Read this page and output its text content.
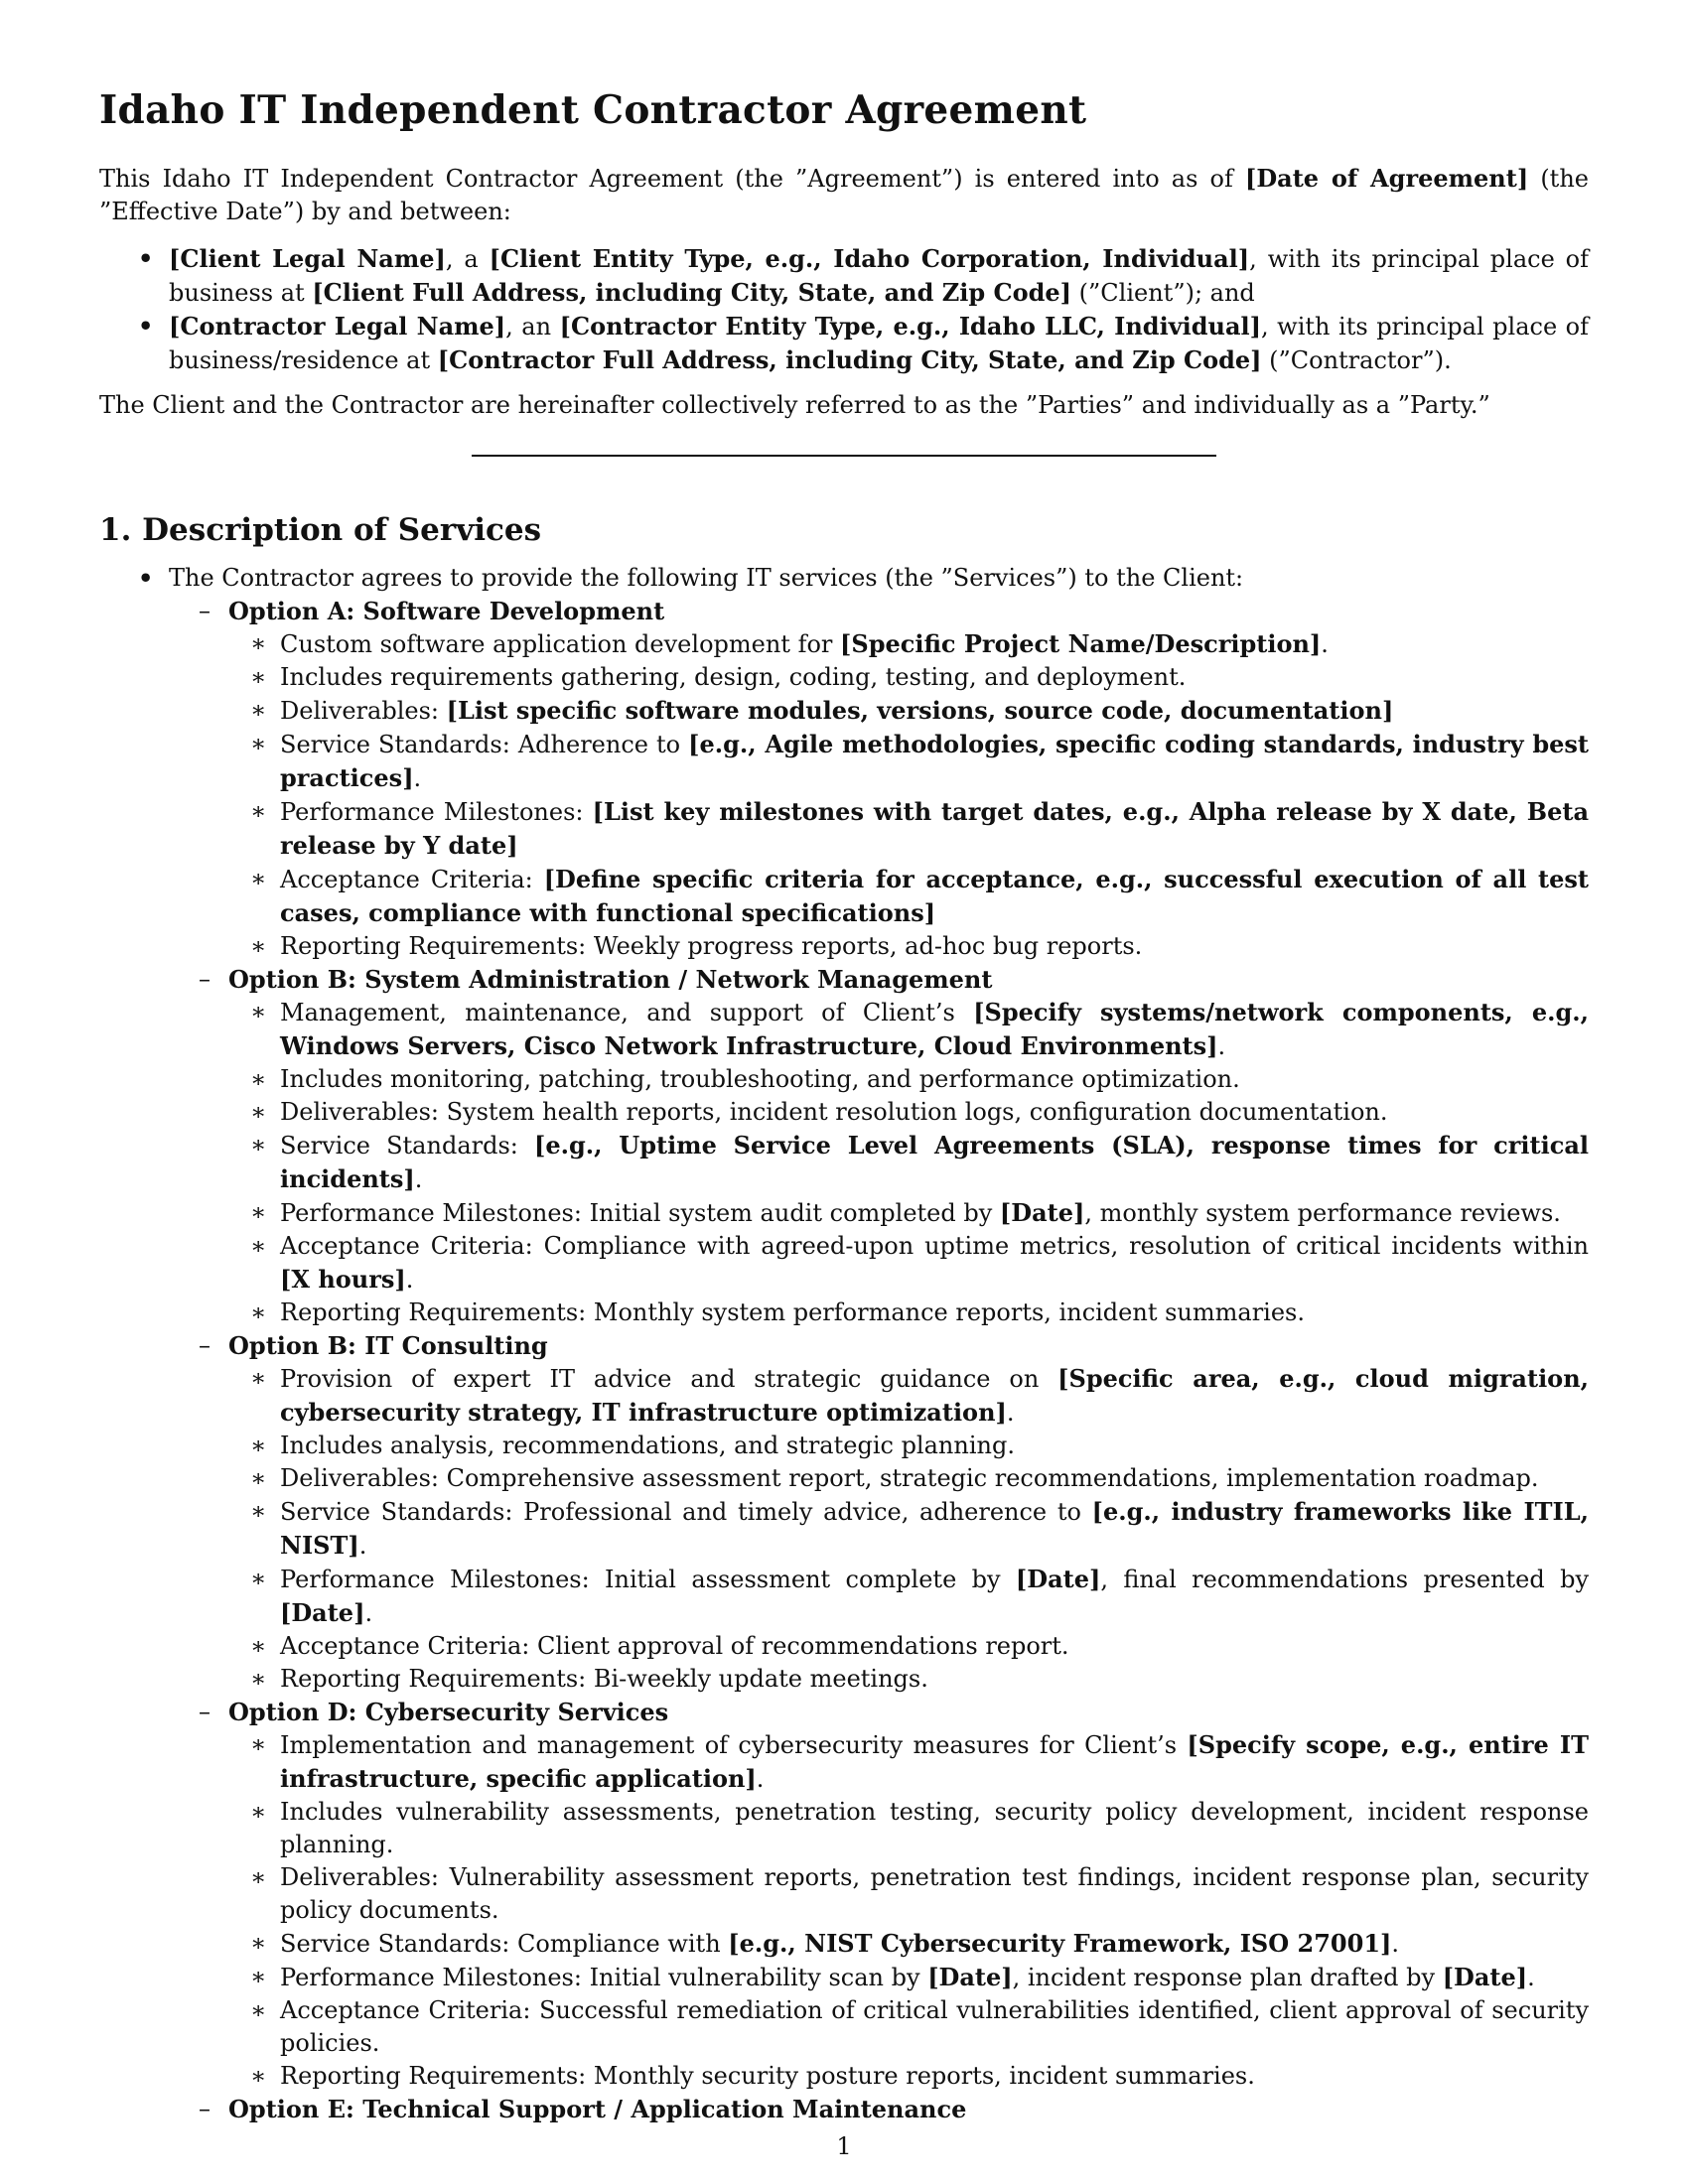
Idaho IT Independent Contractor Agreement

This Idaho IT Independent Contractor Agreement (the ”Agreement”) is entered into as of [Date of Agreement] (the ”Effective Date”) by and between:

• [Client Legal Name], a [Client Entity Type, e.g., Idaho Corporation, Individual], with its principal place of business at [Client Full Address, including City, State, and Zip Code] (”Client”); and
• [Contractor Legal Name], an [Contractor Entity Type, e.g., Idaho LLC, Individual], with its principal place of business/residence at [Contractor Full Address, including City, State, and Zip Code] (”Contractor”).

The Client and the Contractor are hereinafter collectively referred to as the ”Parties” and individually as a ”Party.”

1. Description of Services
• The Contractor agrees to provide the following IT services (the ”Services”) to the Client:
– Option A: Software Development
∗ Custom software application development for [Specific Project Name/Description].
∗ Includes requirements gathering, design, coding, testing, and deployment.
∗ Deliverables: [List specific software modules, versions, source code, documentation]
∗ Service Standards: Adherence to [e.g., Agile methodologies, specific coding standards, industry best practices].
∗ Performance Milestones: [List key milestones with target dates, e.g., Alpha release by X date, Beta release by Y date]
∗ Acceptance Criteria: [Define specific criteria for acceptance, e.g., successful execution of all test cases, compliance with functional specifications]
∗ Reporting Requirements: Weekly progress reports, ad-hoc bug reports.
– Option B: System Administration / Network Management
∗ Management, maintenance, and support of Client’s [Specify systems/network components, e.g., Windows Servers, Cisco Network Infrastructure, Cloud Environments].
∗ Includes monitoring, patching, troubleshooting, and performance optimization.
∗ Deliverables: System health reports, incident resolution logs, configuration documentation.
∗ Service Standards: [e.g., Uptime Service Level Agreements (SLA), response times for critical incidents].
∗ Performance Milestones: Initial system audit completed by [Date], monthly system performance reviews.
∗ Acceptance Criteria: Compliance with agreed-upon uptime metrics, resolution of critical incidents within [X hours].
∗ Reporting Requirements: Monthly system performance reports, incident summaries.
– Option B: IT Consulting
∗ Provision of expert IT advice and strategic guidance on [Specific area, e.g., cloud migration, cybersecurity strategy, IT infrastructure optimization].
∗ Includes analysis, recommendations, and strategic planning.
∗ Deliverables: Comprehensive assessment report, strategic recommendations, implementation roadmap.
∗ Service Standards: Professional and timely advice, adherence to [e.g., industry frameworks like ITIL, NIST].
∗ Performance Milestones: Initial assessment complete by [Date], final recommendations presented by [Date].
∗ Acceptance Criteria: Client approval of recommendations report.
∗ Reporting Requirements: Bi-weekly update meetings.
– Option D: Cybersecurity Services
∗ Implementation and management of cybersecurity measures for Client’s [Specify scope, e.g., entire IT infrastructure, specific application].
∗ Includes vulnerability assessments, penetration testing, security policy development, incident response planning.
∗ Deliverables: Vulnerability assessment reports, penetration test findings, incident response plan, security policy documents.
∗ Service Standards: Compliance with [e.g., NIST Cybersecurity Framework, ISO 27001].
∗ Performance Milestones: Initial vulnerability scan by [Date], incident response plan drafted by [Date].
∗ Acceptance Criteria: Successful remediation of critical vulnerabilities identified, client approval of security policies.
∗ Reporting Requirements: Monthly security posture reports, incident summaries.
– Option E: Technical Support / Application Maintenance
1
